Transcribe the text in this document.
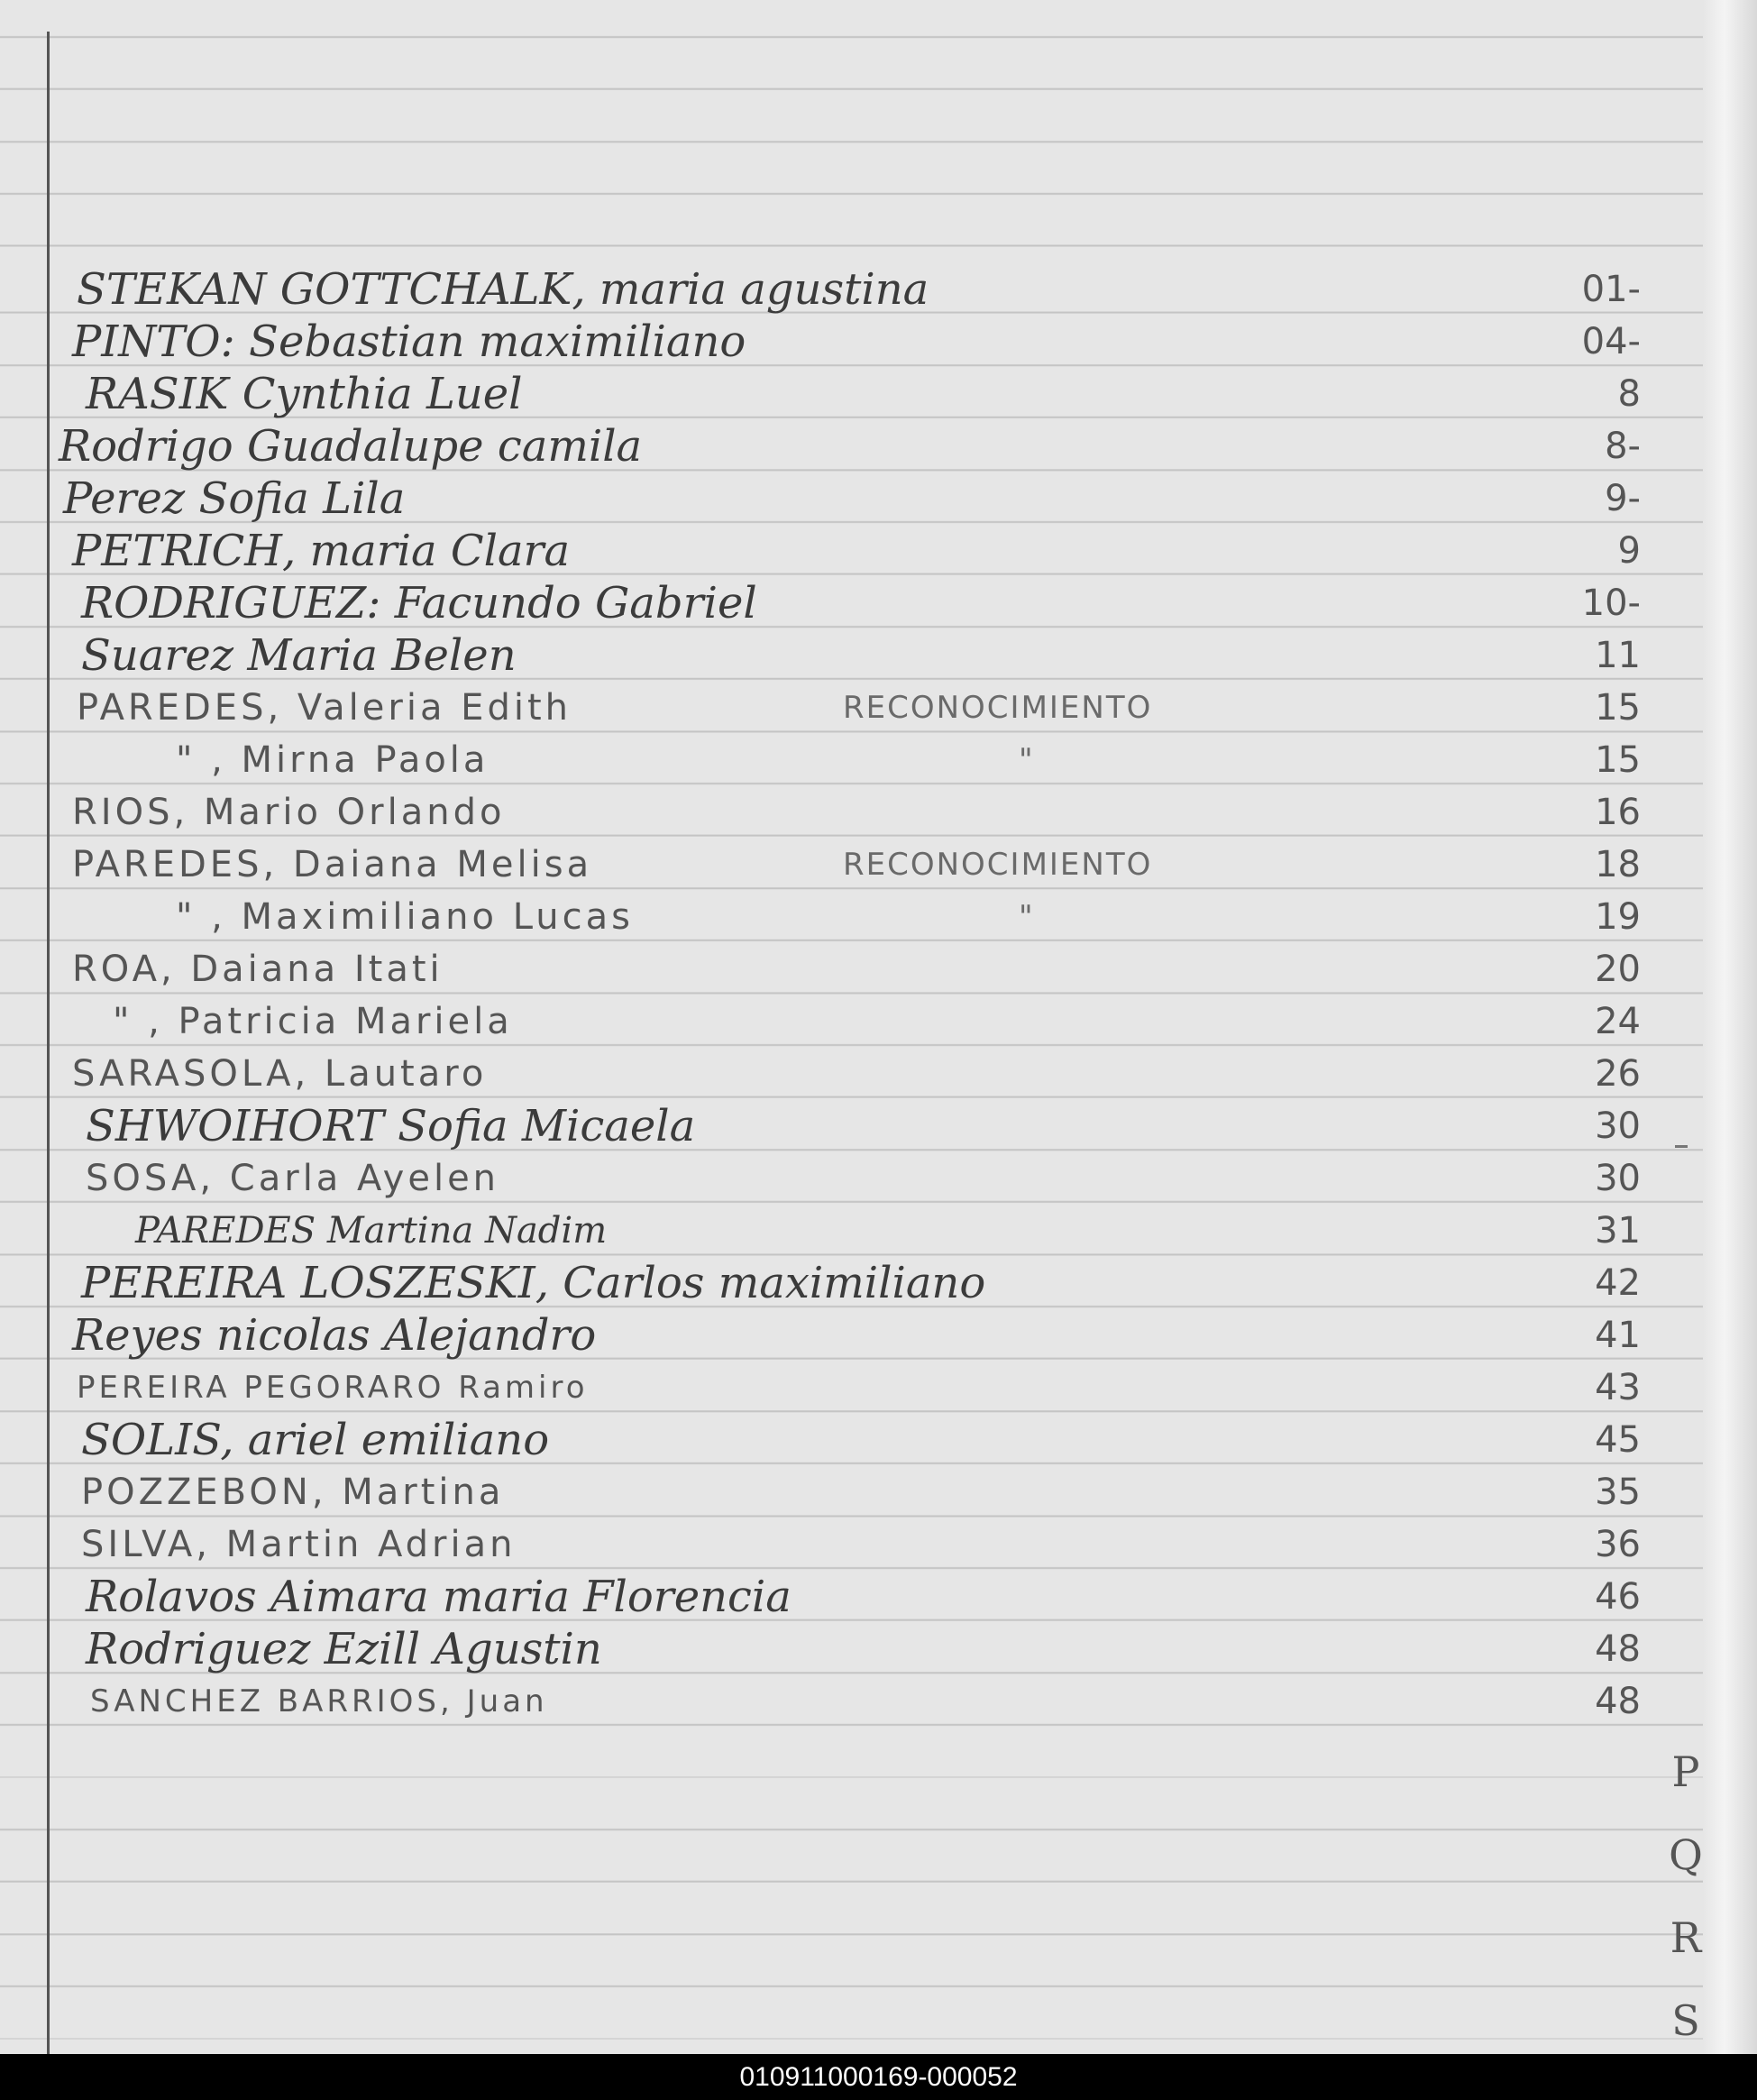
STEKAN GOTTCHALK, maria agustina	01-
PINTO: Sebastian maximiliano	04-
RASIK Cynthia Luel	8
Rodrigo Guadalupe camila	8-
Perez Sofia Lila	9-
PETRICH, maria Clara	9
RODRIGUEZ: Facundo Gabriel	10-
Suarez Maria Belen	11
PAREDES, Valeria Edith	RECONOCIMIENTO	15
" , Mirna Paola	"	15
RIOS, Mario Orlando	16
PAREDES, Daiana Melisa	RECONOCIMIENTO	18
" , Maximiliano Lucas	"	19
ROA, Daiana Itati	20
" , Patricia Mariela	24
SARASOLA, Lautaro	26
SHWOIHORT Sofia Micaela	30
SOSA, Carla Ayelen	30
PAREDES Martina Nadim	31
PEREIRA LOSZESKI, Carlos maximiliano	42
Reyes nicolas Alejandro	41
PEREIRA PEGORARO Ramiro	43
SOLIS, ariel emiliano	45
POZZEBON, Martina	35
SILVA, Martin Adrian	36
Rolavos Aimara maria Florencia	46
Rodriguez Ezill Agustin	48
SANCHEZ BARRIOS, Juan	48
P
Q
R
S
010911000169-000052
